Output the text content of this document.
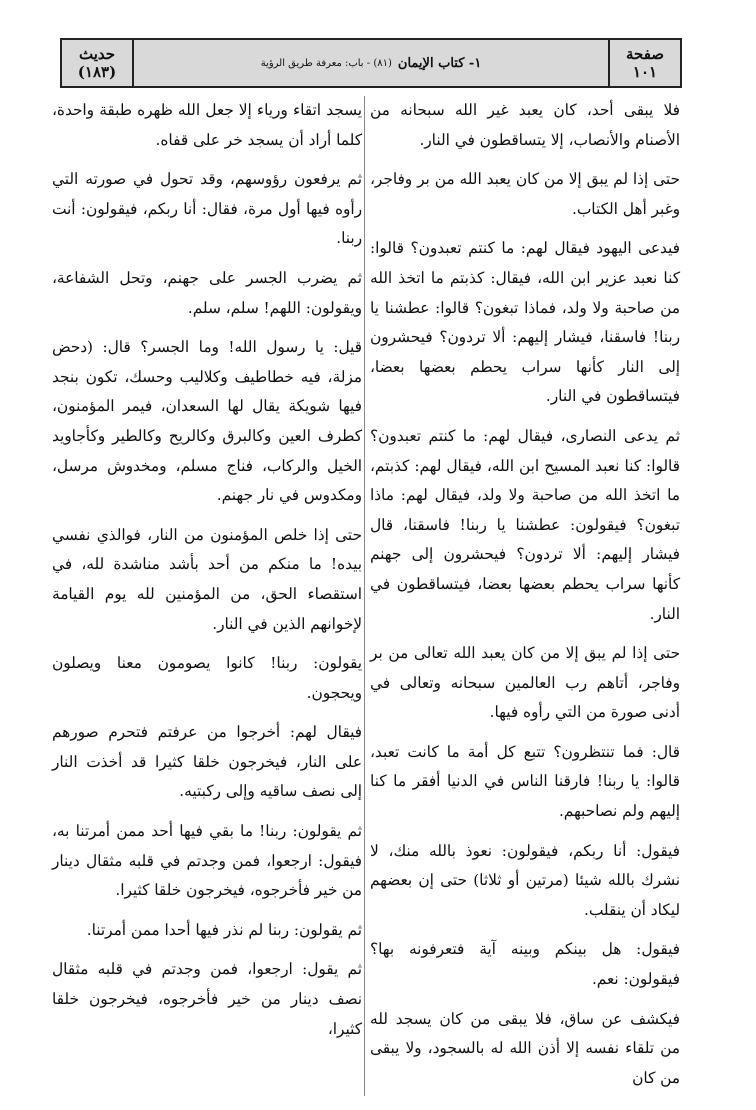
حديث
(١٨٣)	١- كتاب الإيمان
(٨١) - باب: معرفة طريق الرؤية	صفحة
١٠١

فلا يبقى أحد، كان يعبد غير الله سبحانه من الأصنام والأنصاب، إلا يتساقطون في النار.

حتى إذا لم يبق إلا من كان يعبد الله من بر وفاجر، وغبر أهل الكتاب.

فيدعى اليهود فيقال لهم: ما كنتم تعبدون؟ قالوا: كنا نعبد عزير ابن الله، فيقال: كذبتم ما اتخذ الله من صاحبة ولا ولد، فماذا تبغون؟ قالوا: عطشنا يا ربنا! فاسقنا، فيشار إليهم: ألا تردون؟ فيحشرون إلى النار كأنها سراب يحطم بعضها بعضا، فيتساقطون في النار.

ثم يدعى النصارى، فيقال لهم: ما كنتم تعبدون؟ قالوا: كنا نعبد المسيح ابن الله، فيقال لهم: كذبتم، ما اتخذ الله من صاحبة ولا ولد، فيقال لهم: ماذا تبغون؟ فيقولون: عطشنا يا ربنا! فاسقنا، قال فيشار إليهم: ألا تردون؟ فيحشرون إلى جهنم كأنها سراب يحطم بعضها بعضا، فيتساقطون في النار.

حتى إذا لم يبق إلا من كان يعبد الله تعالى من بر وفاجر، أتاهم رب العالمين سبحانه وتعالى في أدنى صورة من التي رأوه فيها.

قال: فما تنتظرون؟ تتبع كل أمة ما كانت تعبد، قالوا: يا ربنا! فارقنا الناس في الدنيا أفقر ما كنا إليهم ولم نصاحبهم.

فيقول: أنا ربكم، فيقولون: نعوذ بالله منك، لا نشرك بالله شيئا (مرتين أو ثلاثا) حتى إن بعضهم ليكاد أن ينقلب.

فيقول: هل بينكم وبينه آية فتعرفونه بها؟ فيقولون: نعم.

فيكشف عن ساق، فلا يبقى من كان يسجد لله من تلقاء نفسه إلا أذن الله له بالسجود، ولا يبقى من كان

يسجد اتقاء ورياء إلا جعل الله ظهره طبقة واحدة، كلما أراد أن يسجد خر على قفاه.

ثم يرفعون رؤوسهم، وقد تحول في صورته التي رأوه فيها أول مرة، فقال: أنا ربكم، فيقولون: أنت ربنا.

ثم يضرب الجسر على جهنم، وتحل الشفاعة، ويقولون: اللهم! سلم، سلم.

قيل: يا رسول الله! وما الجسر؟ قال: (دحض مزلة، فيه خطاطيف وكلاليب وحسك، تكون بنجد فيها شويكة يقال لها السعدان، فيمر المؤمنون، كطرف العين وكالبرق وكالريح وكالطير وكأجاويد الخيل والركاب، فناج مسلم، ومخدوش مرسل، ومكدوس في نار جهنم.

حتى إذا خلص المؤمنون من النار، فوالذي نفسي بيده! ما منكم من أحد بأشد مناشدة لله، في استقصاء الحق، من المؤمنين لله يوم القيامة لإخوانهم الذين في النار.

يقولون: ربنا! كانوا يصومون معنا ويصلون ويحجون.

فيقال لهم: أخرجوا من عرفتم فتحرم صورهم على النار، فيخرجون خلقا كثيرا قد أخذت النار إلى نصف ساقيه وإلى ركبتيه.

ثم يقولون: ربنا! ما بقي فيها أحد ممن أمرتنا به، فيقول: ارجعوا، فمن وجدتم في قلبه مثقال دينار من خير فأخرجوه، فيخرجون خلقا كثيرا.

ثم يقولون: ربنا لم نذر فيها أحدا ممن أمرتنا.

ثم يقول: ارجعوا، فمن وجدتم في قلبه مثقال نصف دينار من خير فأخرجوه، فيخرجون خلقا كثيرا،
